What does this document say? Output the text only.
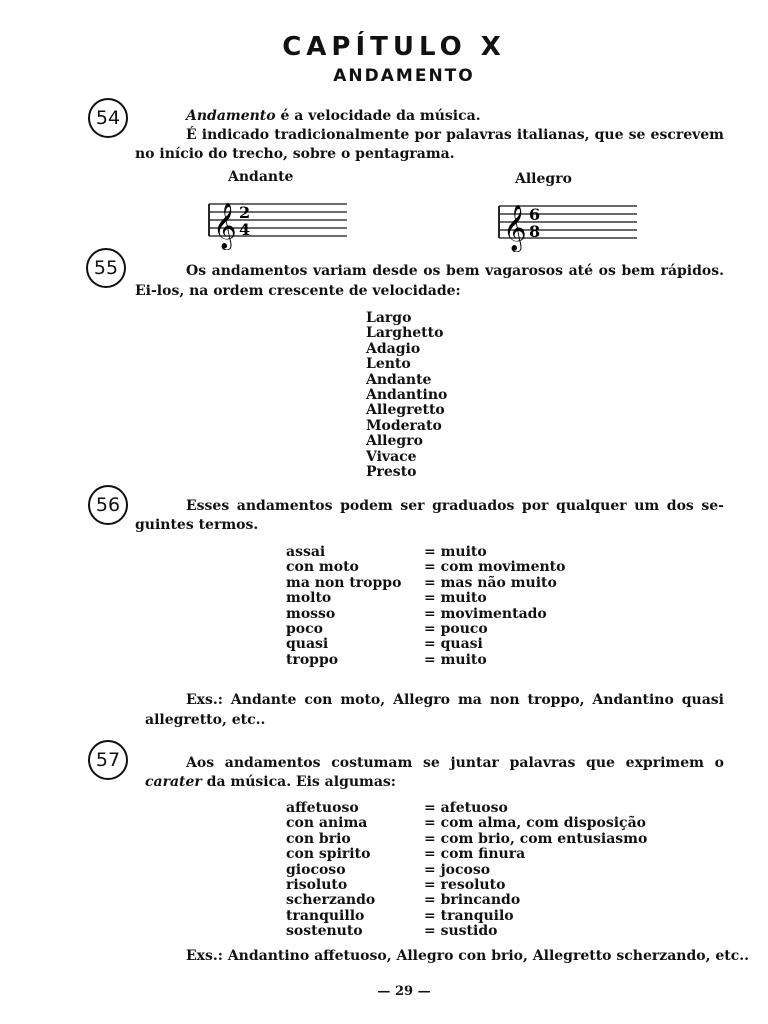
CAPÍTULO X
ANDAMENTO
54	Andamento é a velocidade da música.
É indicado tradicionalmente por palavras italianas, que se escrevem
no início do trecho, sobre o pentagrama.
Andante	Allegro
𝄞 2
4	𝄞 6
8
55	Os andamentos variam desde os bem vagarosos até os bem rápidos.
Ei-los, na ordem crescente de velocidade:
Largo
Larghetto
Adagio
Lento
Andante
Andantino
Allegretto
Moderato
Allegro
Vivace
Presto
56	Esses andamentos podem ser graduados por qualquer um dos se-
guintes termos.
assai	= muito
con moto	= com movimento
ma non troppo	= mas não muito
molto	= muito
mosso	= movimentado
poco	= pouco
quasi	= quasi
troppo	= muito
Exs.: Andante con moto, Allegro ma non troppo, Andantino quasi
allegretto, etc..
57	Aos andamentos costumam se juntar palavras que exprimem o
carater da música. Eis algumas:
affetuoso	= afetuoso
con anima	= com alma, com disposição
con brio	= com brio, com entusiasmo
con spirito	= com finura
giocoso	= jocoso
risoluto	= resoluto
scherzando	= brincando
tranquillo	= tranquilo
sostenuto	= sustido
Exs.: Andantino affetuoso, Allegro con brio, Allegretto scherzando, etc..
— 29 —
